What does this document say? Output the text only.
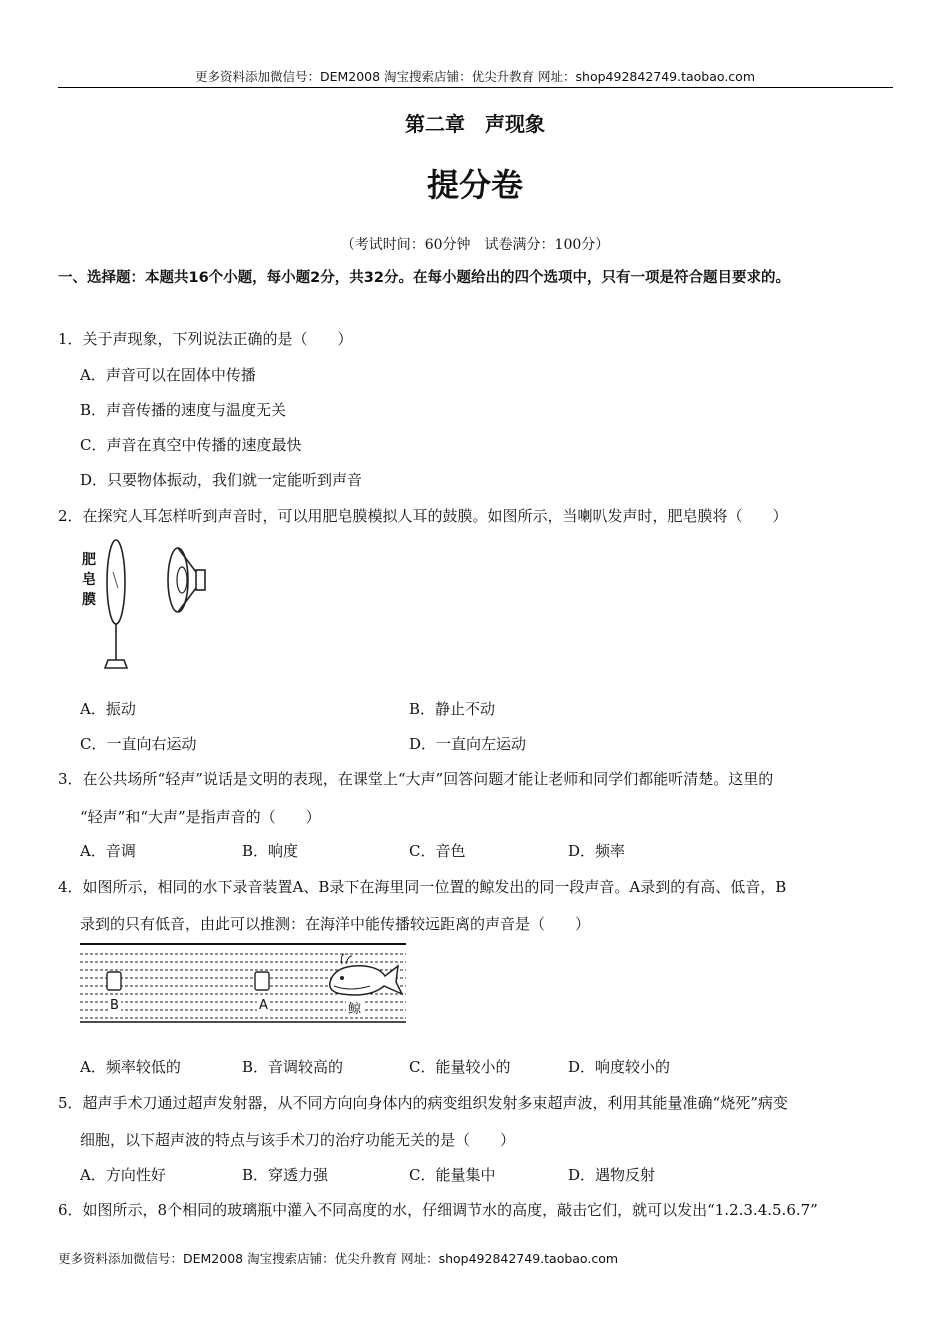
更多资料添加微信号：DEM2008 淘宝搜索店铺：优尖升教育 网址：shop492842749.taobao.com
第二章　声现象
提分卷
（考试时间：60分钟　试卷满分：100分）
一、选择题：本题共16个小题，每小题2分，共32分。在每小题给出的四个选项中，只有一项是符合题目要求的。
1．关于声现象，下列说法正确的是（　　）
A．声音可以在固体中传播
B．声音传播的速度与温度无关
C．声音在真空中传播的速度最快
D．只要物体振动，我们就一定能听到声音
2．在探究人耳怎样听到声音时，可以用肥皂膜模拟人耳的鼓膜。如图所示，当喇叭发声时，肥皂膜将（　　）
肥皂膜
A．振动	B．静止不动
C．一直向右运动	D．一直向左运动
3．在公共场所“轻声”说话是文明的表现，在课堂上“大声”回答问题才能让老师和同学们都能听清楚。这里的
“轻声”和“大声”是指声音的（　　）
A．音调	B．响度	C．音色	D．频率
4．如图所示，相同的水下录音装置A、B录下在海里同一位置的鲸发出的同一段声音。A录到的有高、低音，B
录到的只有低音，由此可以推测：在海洋中能传播较远距离的声音是（　　）
B	A	鲸
A．频率较低的	B．音调较高的	C．能量较小的	D．响度较小的
5．超声手术刀通过超声发射器，从不同方向向身体内的病变组织发射多束超声波，利用其能量准确“烧死”病变
细胞，以下超声波的特点与该手术刀的治疗功能无关的是（　　）
A．方向性好	B．穿透力强	C．能量集中	D．遇物反射
6．如图所示，8个相同的玻璃瓶中灌入不同高度的水，仔细调节水的高度，敲击它们，就可以发出“1.2.3.4.5.6.7”
更多资料添加微信号：DEM2008 淘宝搜索店铺：优尖升教育 网址：shop492842749.taobao.com
